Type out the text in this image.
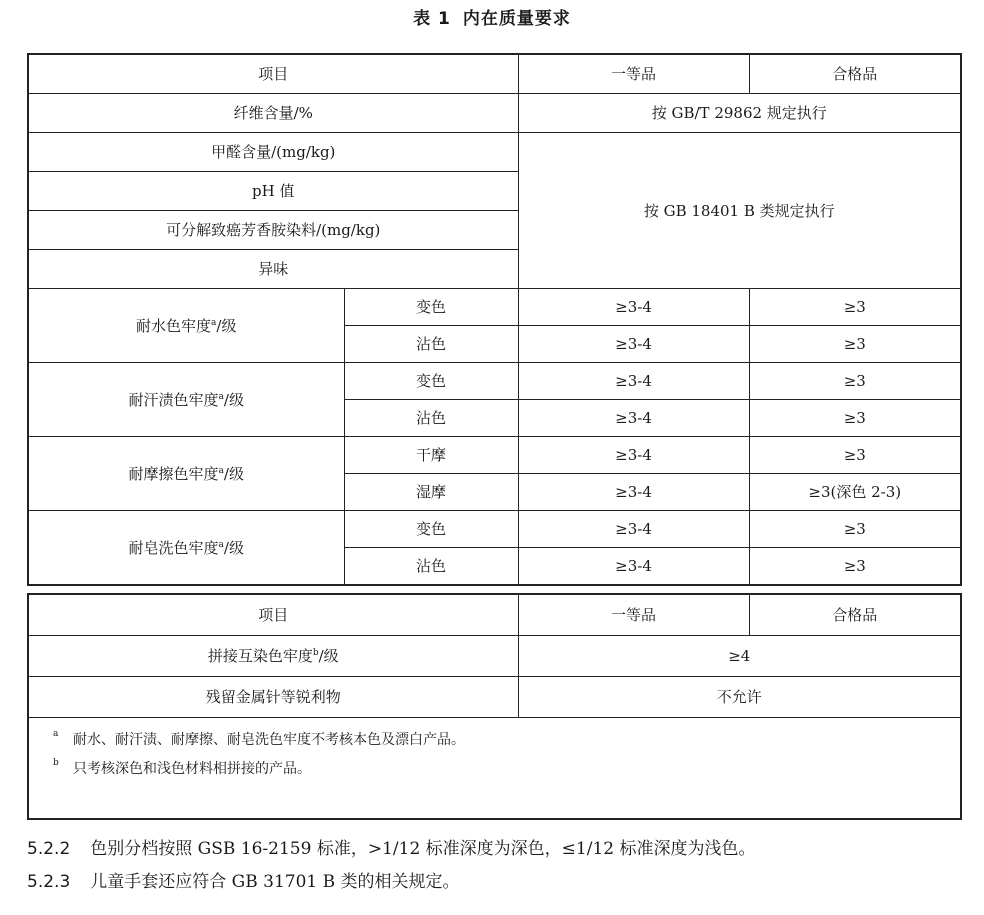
表 1 内在质量要求
项目		一等品	合格品
纤维含量/%		按 GB/T 29862 规定执行	
甲醛含量/(mg/kg)		按 GB 18401 B 类规定执行	
pH 值			
可分解致癌芳香胺染料/(mg/kg)			
异味			
耐水色牢度$^a$/级	变色	≥3-4	≥3
	沾色	≥3-4	≥3
耐汗渍色牢度$^a$/级	变色	≥3-4	≥3
	沾色	≥3-4	≥3
耐摩擦色牢度$^a$/级	干摩	≥3-4	≥3
	湿摩	≥3-4	≥3(深色 2-3)
耐皂洗色牢度$^a$/级	变色	≥3-4	≥3
	沾色	≥3-4	≥3
项目	一等品	合格品
拼接互染色牢度$^b$/级	≥4	
残留金属针等锐利物	不允许	

a 耐水、耐汗渍、耐摩擦、耐皂洗色牢度不考核本色及漂白产品。
b 只考核深色和浅色材料相拼接的产品。		
5.2.2 色别分档按照 GSB 16-2159 标准，>1/12 标准深度为深色，≤1/12 标准深度为浅色。
5.2.3 儿童手套还应符合 GB 31701 B 类的相关规定。
